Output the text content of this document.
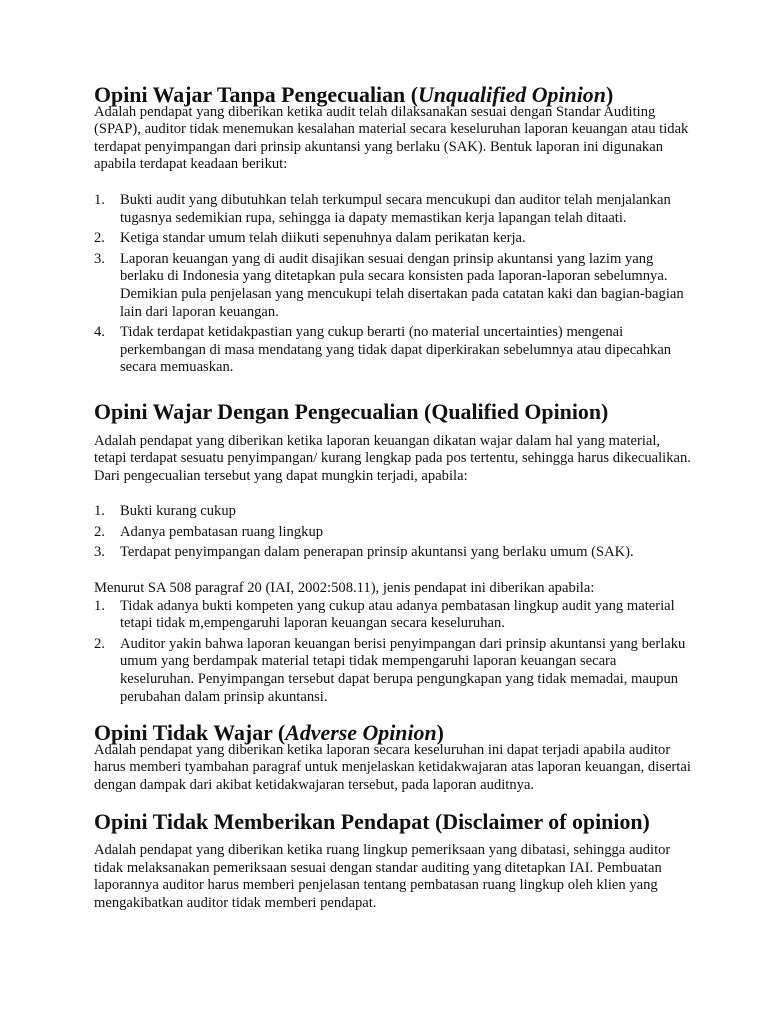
Opini Wajar Tanpa Pengecualian (Unqualified Opinion)

Adalah pendapat yang diberikan ketika audit telah dilaksanakan sesuai dengan Standar Auditing (SPAP), auditor tidak menemukan kesalahan material secara keseluruhan laporan keuangan atau tidak terdapat penyimpangan dari prinsip akuntansi yang berlaku (SAK). Bentuk laporan ini digunakan apabila terdapat keadaan berikut:

1. Bukti audit yang dibutuhkan telah terkumpul secara mencukupi dan auditor telah menjalankan tugasnya sedemikian rupa, sehingga ia dapaty memastikan kerja lapangan telah ditaati.
2. Ketiga standar umum telah diikuti sepenuhnya dalam perikatan kerja.
3. Laporan keuangan yang di audit disajikan sesuai dengan prinsip akuntansi yang lazim yang berlaku di Indonesia yang ditetapkan pula secara konsisten pada laporan-laporan sebelumnya. Demikian pula penjelasan yang mencukupi telah disertakan pada catatan kaki dan bagian-bagian lain dari laporan keuangan.
4. Tidak terdapat ketidakpastian yang cukup berarti (no material uncertainties) mengenai perkembangan di masa mendatang yang tidak dapat diperkirakan sebelumnya atau dipecahkan secara memuaskan.
Opini Wajar Dengan Pengecualian (Qualified Opinion)

Adalah pendapat yang diberikan ketika laporan keuangan dikatan wajar dalam hal yang material, tetapi terdapat sesuatu penyimpangan/ kurang lengkap pada pos tertentu, sehingga harus dikecualikan. Dari pengecualian tersebut yang dapat mungkin terjadi, apabila:

1. Bukti kurang cukup
2. Adanya pembatasan ruang lingkup
3. Terdapat penyimpangan dalam penerapan prinsip akuntansi yang berlaku umum (SAK).

Menurut SA 508 paragraf 20 (IAI, 2002:508.11), jenis pendapat ini diberikan apabila:

1. Tidak adanya bukti kompeten yang cukup atau adanya pembatasan lingkup audit yang material tetapi tidak m,empengaruhi laporan keuangan secara keseluruhan.
2. Auditor yakin bahwa laporan keuangan berisi penyimpangan dari prinsip akuntansi yang berlaku umum yang berdampak material tetapi tidak mempengaruhi laporan keuangan secara keseluruhan. Penyimpangan tersebut dapat berupa pengungkapan yang tidak memadai, maupun perubahan dalam prinsip akuntansi.
Opini Tidak Wajar (Adverse Opinion)

Adalah pendapat yang diberikan ketika laporan secara keseluruhan ini dapat terjadi apabila auditor harus memberi tyambahan paragraf untuk menjelaskan ketidakwajaran atas laporan keuangan, disertai dengan dampak dari akibat ketidakwajaran tersebut, pada laporan auditnya.

Opini Tidak Memberikan Pendapat (Disclaimer of opinion)

Adalah pendapat yang diberikan ketika ruang lingkup pemeriksaan yang dibatasi, sehingga auditor tidak melaksanakan pemeriksaan sesuai dengan standar auditing yang ditetapkan IAI. Pembuatan laporannya auditor harus memberi penjelasan tentang pembatasan ruang lingkup oleh klien yang mengakibatkan auditor tidak memberi pendapat.
